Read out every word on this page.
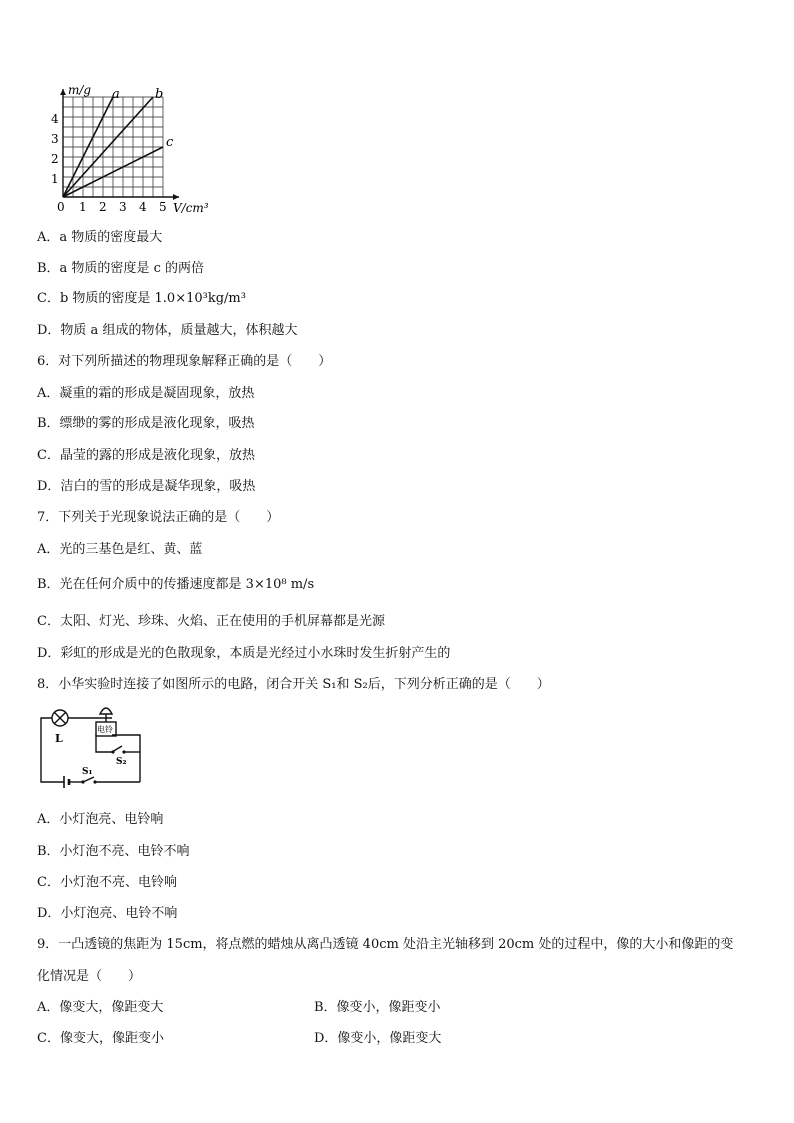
m/g
V/cm³
0 1 2 3 4 5
1
2
3
4
a	b
c
A．a 物质的密度最大
B．a 物质的密度是 c 的两倍
C．b 物质的密度是 1.0×10³kg/m³
D．物质 a 组成的物体，质量越大，体积越大
6．对下列所描述的物理现象解释正确的是（　　）
A．凝重的霜的形成是凝固现象，放热
B．缥缈的雾的形成是液化现象，吸热
C．晶莹的露的形成是液化现象，放热
D．洁白的雪的形成是凝华现象，吸热
7．下列关于光现象说法正确的是（　　）
A．光的三基色是红、黄、蓝
B．光在任何介质中的传播速度都是 3×10⁸ m/s
C．太阳、灯光、珍珠、火焰、正在使用的手机屏幕都是光源
D．彩虹的形成是光的色散现象，本质是光经过小水珠时发生折射产生的
8．小华实验时连接了如图所示的电路，闭合开关 S₁和 S₂后，下列分析正确的是（　　）
L
电铃
S₁
S₂
A．小灯泡亮、电铃响
B．小灯泡不亮、电铃不响
C．小灯泡不亮、电铃响
D．小灯泡亮、电铃不响
9．一凸透镜的焦距为 15cm，将点燃的蜡烛从离凸透镜 40cm 处沿主光轴移到 20cm 处的过程中，像的大小和像距的变
化情况是（　　）
A．像变大，像距变大	B．像变小，像距变小
C．像变大，像距变小	D．像变小，像距变大
